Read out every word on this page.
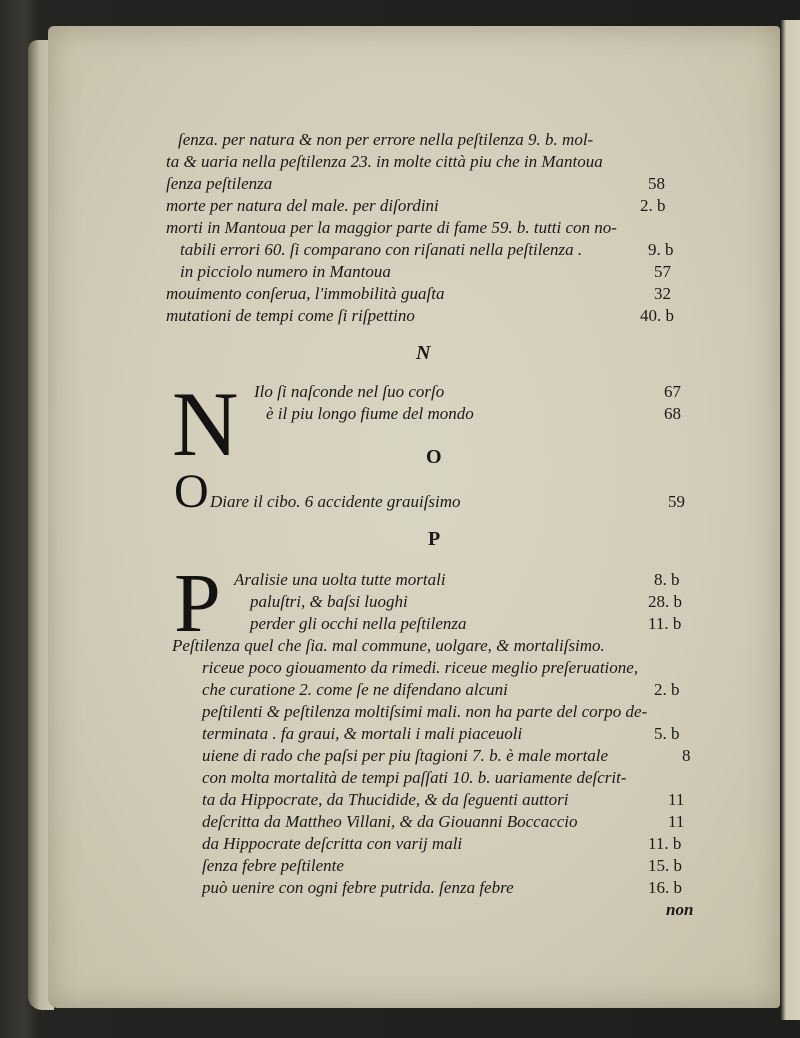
ſenza. per natura & non per errore nella peſtilenza 9. b. mol-
ta & uaria nella peſtilenza 23. in molte città piu che in Mantoua
ſenza peſtilenza	58
morte per natura del male. per diſordini	2. b
morti in Mantoua per la maggior parte di fame 59. b. tutti con no-
tabili errori 60. ſi comparano con riſanati nella peſtilenza .	9. b
in picciolo numero in Mantoua	57
mouimento conſerua, l'immobilità guaſta	32
mutationi de tempi come ſi riſpettino	40. b
N
N Ilo ſi naſconde nel ſuo corſo	67
è il piu longo fiume del mondo	68
O
O Diare il cibo. 6 accidente grauiſsimo	59
P
P Aralisie una uolta tutte mortali	8. b
paluſtri, & baſsi luoghi	28. b
perder gli occhi nella peſtilenza	11. b
Peſtilenza quel che ſia. mal commune, uolgare, & mortaliſsimo.
riceue poco giouamento da rimedi. riceue meglio preſeruatione,
che curatione 2. come ſe ne difendano alcuni	2. b
peſtilenti & peſtilenza moltiſsimi mali. non ha parte del corpo de-
terminata . fa graui, & mortali i mali piaceuoli	5. b
uiene di rado che paſsi per piu ſtagioni 7. b. è male mortale	8
con molta mortalità de tempi paſſati 10. b. uariamente deſcrit-
ta da Hippocrate, da Thucidide, & da ſeguenti auttori	11
deſcritta da Mattheo Villani, & da Giouanni Boccaccio	11
da Hippocrate deſcritta con varij mali	11. b
ſenza febre peſtilente	15. b
può uenire con ogni febre putrida. ſenza febre	16. b
non
